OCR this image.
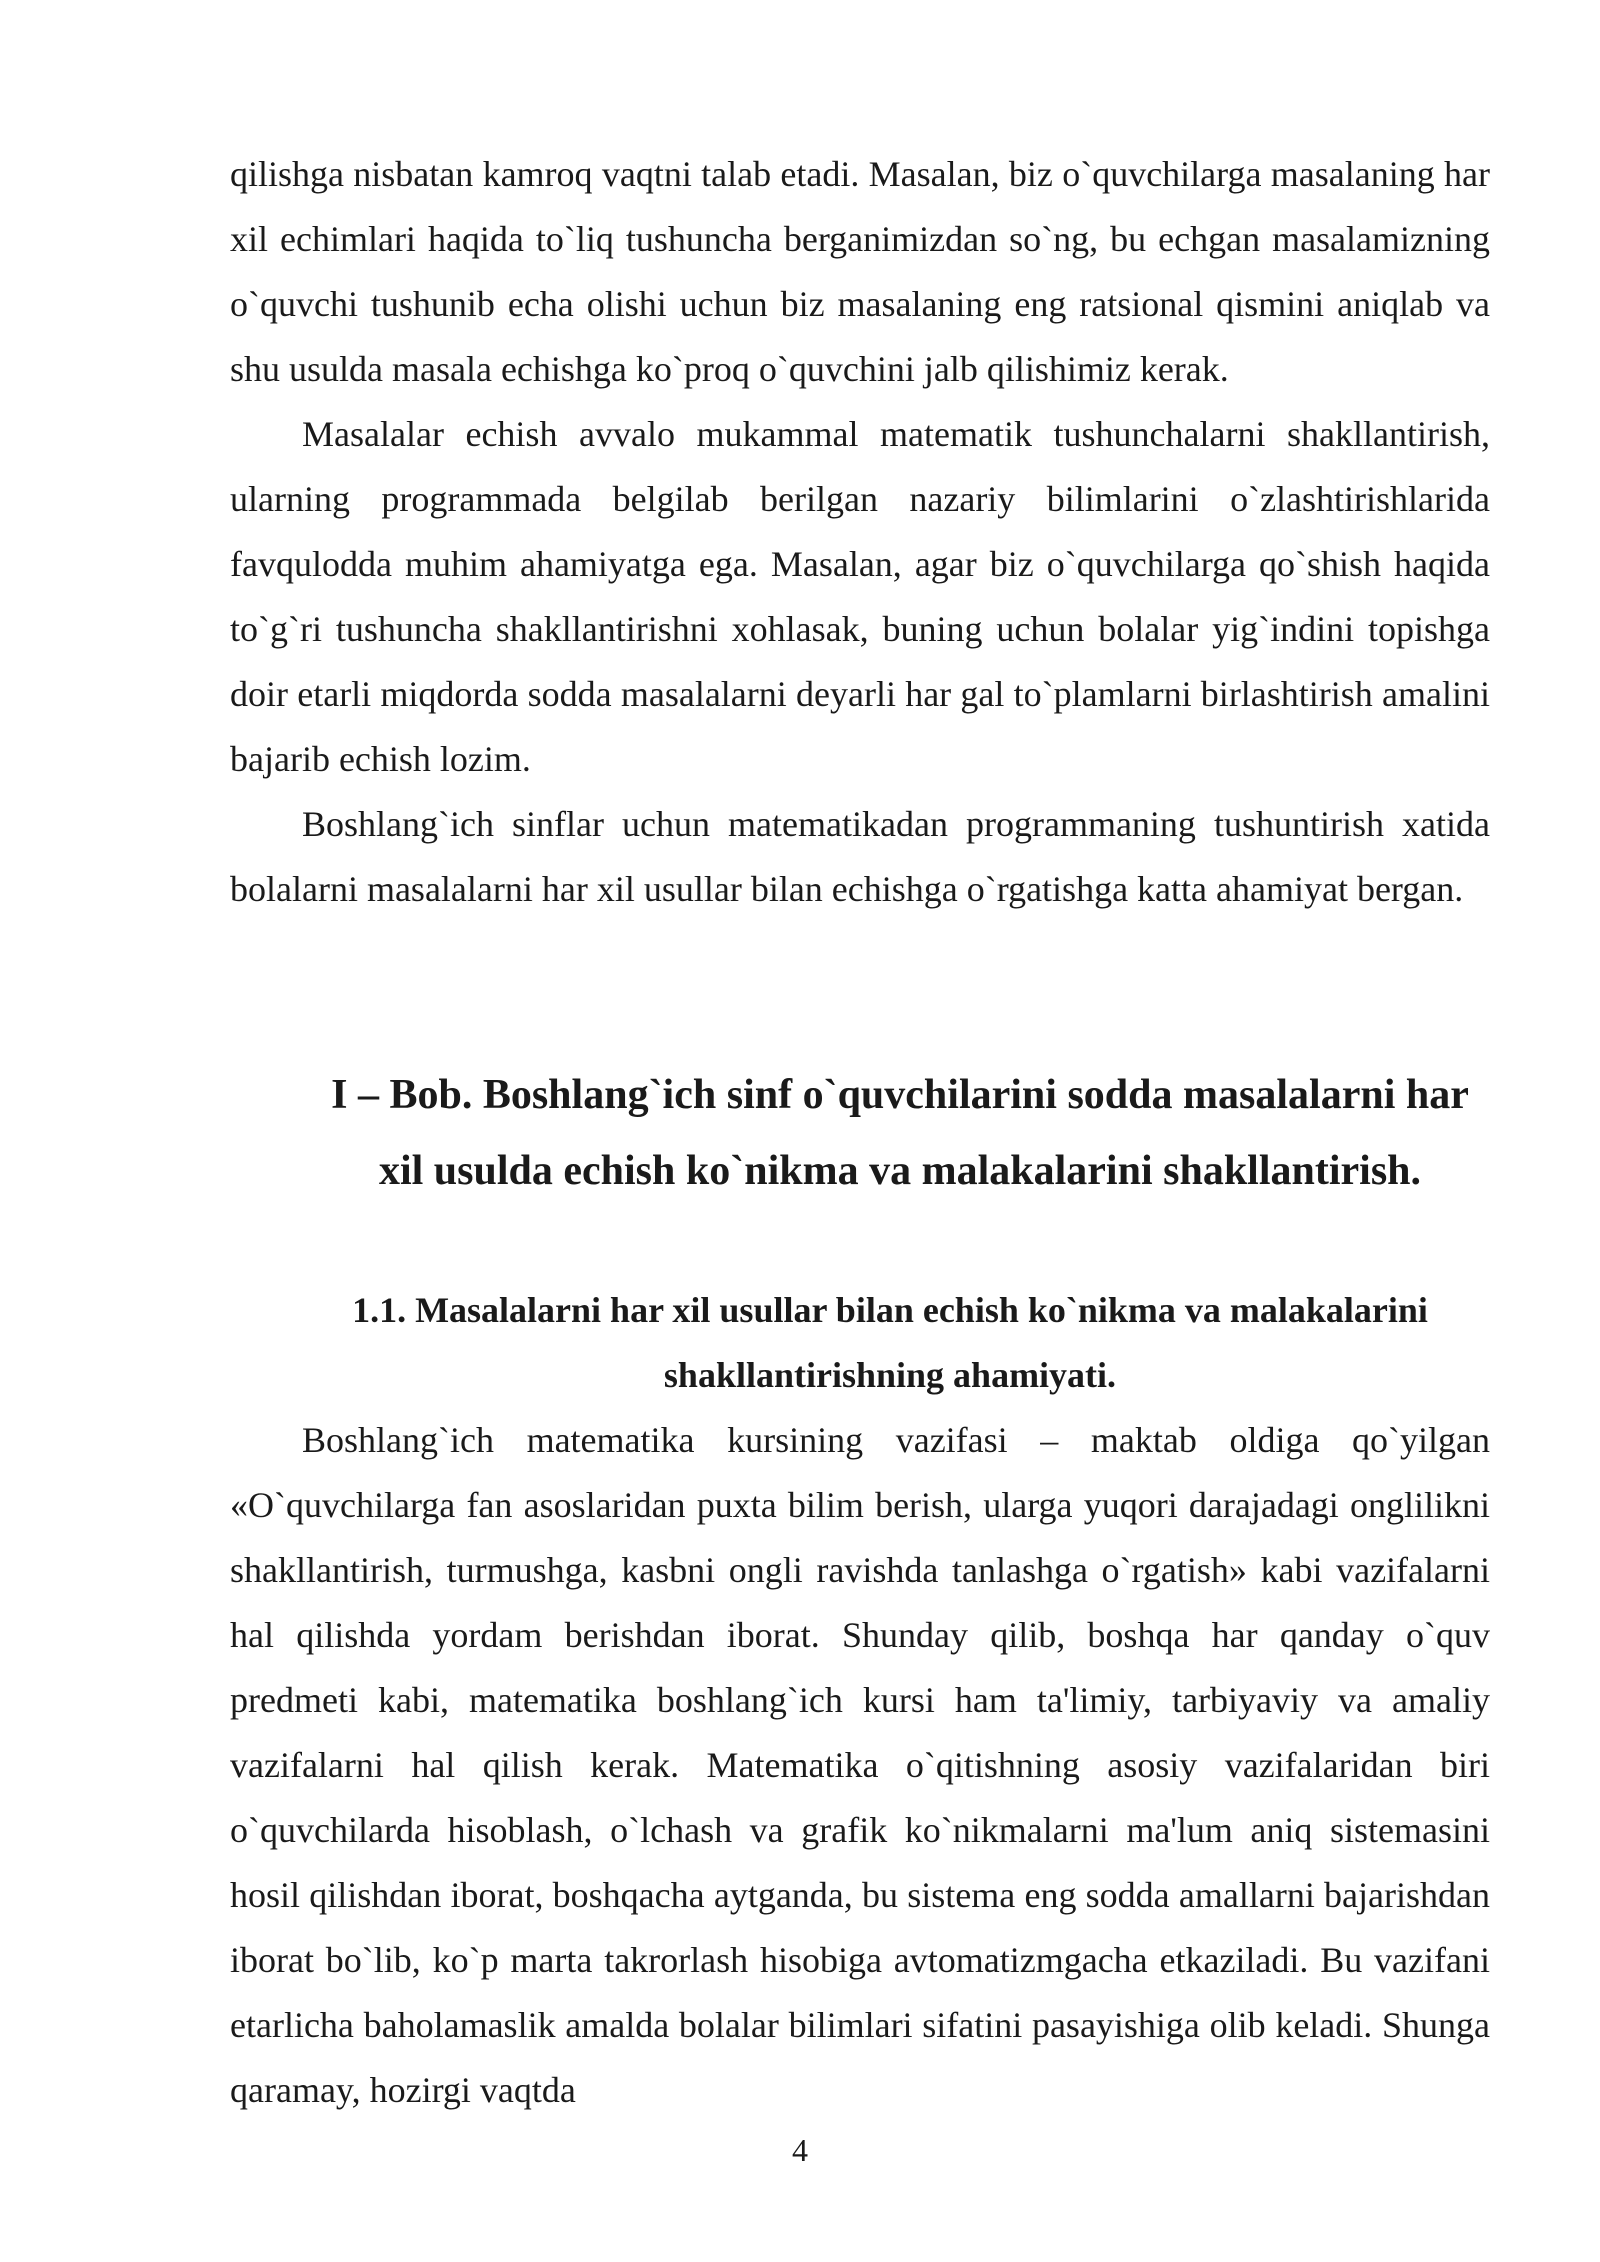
qilishga nisbatan kamroq vaqtni talab etadi. Masalan, biz o`quvchilarga masalaning har xil echimlari haqida to`liq tushuncha berganimizdan so`ng, bu echgan masalamizning o`quvchi tushunib echa olishi uchun biz masalaning eng ratsional qismini aniqlab va shu usulda masala echishga ko`proq o`quvchini jalb qilishimiz kerak.

Masalalar echish avvalo mukammal matematik tushunchalarni shakllantirish, ularning programmada belgilab berilgan nazariy bilimlarini o`zlashtirishlarida favqulodda muhim ahamiyatga ega. Masalan, agar biz o`quvchilarga qo`shish haqida to`g`ri tushuncha shakllantirishni xohlasak, buning uchun bolalar yig`indini topishga doir etarli miqdorda sodda masalalarni deyarli har gal to`plamlarni birlashtirish amalini bajarib echish lozim.

Boshlang`ich sinflar uchun matematikadan programmaning tushuntirish xatida bolalarni masalalarni har xil usullar bilan echishga o`rgatishga katta ahamiyat bergan.

I – Bob. Boshlang`ich sinf o`quvchilarini sodda masalalarni har xil usulda echish ko`nikma va malakalarini shakllantirish.
1.1. Masalalarni har xil usullar bilan echish ko`nikma va malakalarini shakllantirishning ahamiyati.

Boshlang`ich matematika kursining vazifasi – maktab oldiga qo`yilgan «O`quvchilarga fan asoslaridan puxta bilim berish, ularga yuqori darajadagi onglilikni shakllantirish, turmushga, kasbni ongli ravishda tanlashga o`rgatish» kabi vazifalarni hal qilishda yordam berishdan iborat. Shunday qilib, boshqa har qanday o`quv predmeti kabi, matematika boshlang`ich kursi ham ta'limiy, tarbiyaviy va amaliy vazifalarni hal qilish kerak. Matematika o`qitishning asosiy vazifalaridan biri o`quvchilarda hisoblash, o`lchash va grafik ko`nikmalarni ma'lum aniq sistemasini hosil qilishdan iborat, boshqacha aytganda, bu sistema eng sodda amallarni bajarishdan iborat bo`lib, ko`p marta takrorlash hisobiga avtomatizmgacha etkaziladi. Bu vazifani etarlicha baholamaslik amalda bolalar bilimlari sifatini pasayishiga olib keladi. Shunga qaramay, hozirgi vaqtda

4
